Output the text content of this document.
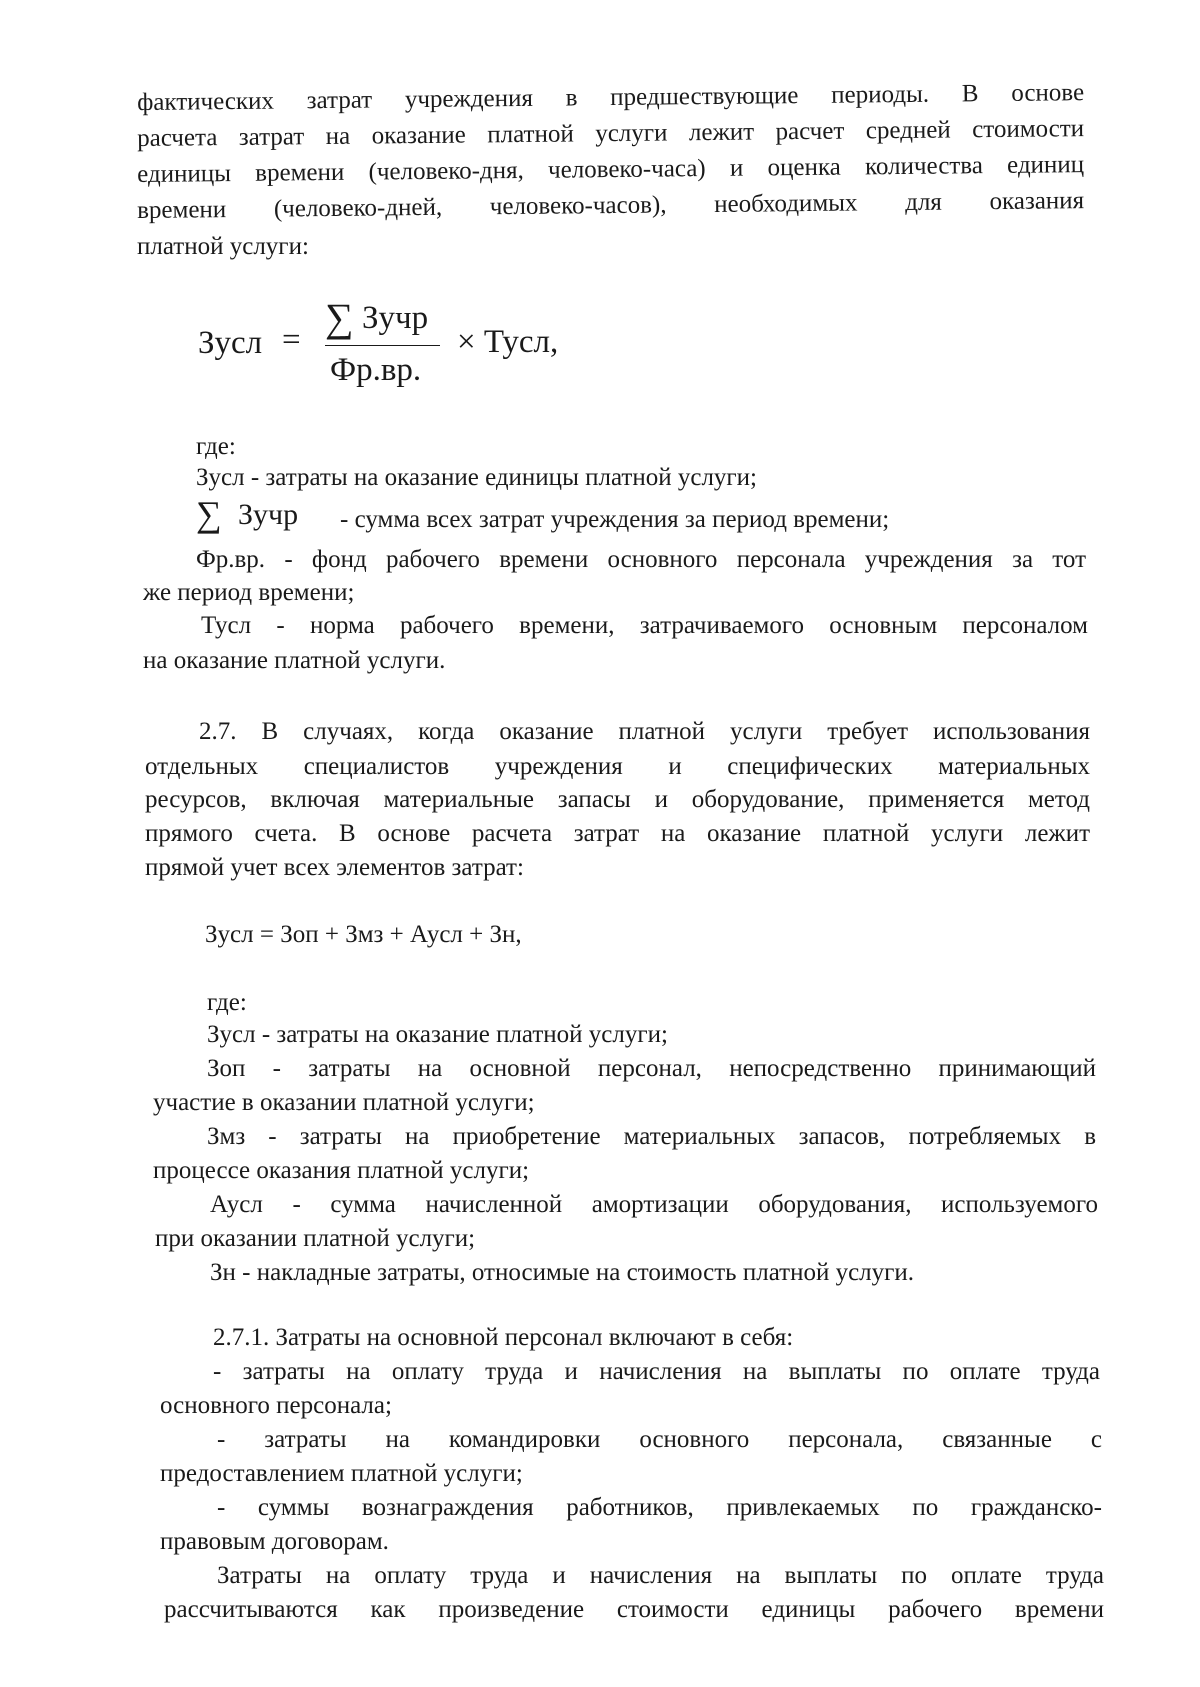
фактических затрат учреждения в предшествующие периоды. В основе
расчета затрат на оказание платной услуги лежит расчет средней стоимости
единицы времени (человеко-дня, человеко-часа) и оценка количества единиц
времени (человеко-дней, человеко-часов), необходимых для оказания
платной услуги:
Зусл = ∑ Зучр
Фр.вр.
× Тусл,
где:
Зусл - затраты на оказание единицы платной услуги;
∑ Зучр - сумма всех затрат учреждения за период времени;
Фр.вр. - фонд рабочего времени основного персонала учреждения за тот
же период времени;
Тусл - норма рабочего времени, затрачиваемого основным персоналом
на оказание платной услуги.
2.7. В случаях, когда оказание платной услуги требует использования
отдельных специалистов учреждения и специфических материальных
ресурсов, включая материальные запасы и оборудование, применяется метод
прямого счета. В основе расчета затрат на оказание платной услуги лежит
прямой учет всех элементов затрат:
Зусл = Зоп + Змз + Аусл + Зн,
где:
Зусл - затраты на оказание платной услуги;
Зоп - затраты на основной персонал, непосредственно принимающий
участие в оказании платной услуги;
Змз - затраты на приобретение материальных запасов, потребляемых в
процессе оказания платной услуги;
Аусл - сумма начисленной амортизации оборудования, используемого
при оказании платной услуги;
Зн - накладные затраты, относимые на стоимость платной услуги.
2.7.1. Затраты на основной персонал включают в себя:
- затраты на оплату труда и начисления на выплаты по оплате труда
основного персонала;
- затраты на командировки основного персонала, связанные с
предоставлением платной услуги;
- суммы вознаграждения работников, привлекаемых по гражданско-
правовым договорам.
Затраты на оплату труда и начисления на выплаты по оплате труда
рассчитываются как произведение стоимости единицы рабочего времени
